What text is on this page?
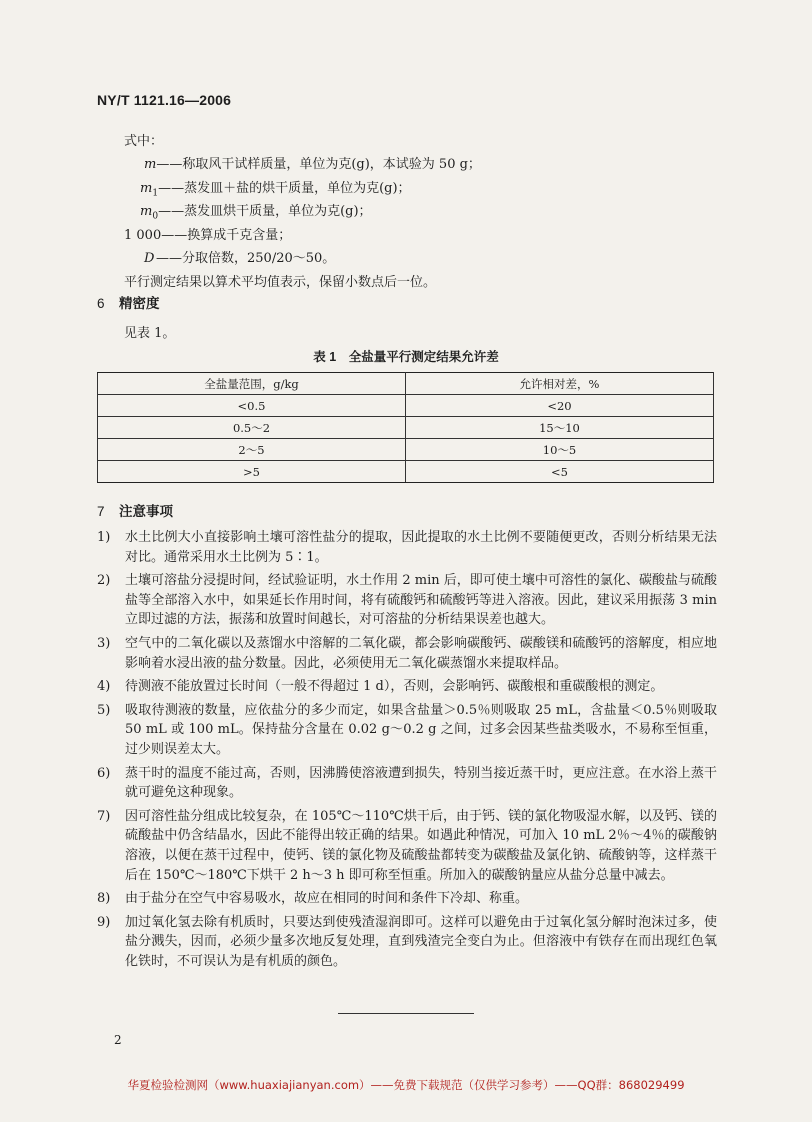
NY/T 1121.16—2006
式中：
m——称取风干试样质量，单位为克(g)，本试验为 50 g；
$m_1——$蒸发皿＋盐的烘干质量，单位为克(g)；
$m_0——$蒸发皿烘干质量，单位为克(g)；
1 000——换算成千克含量；
D ——分取倍数，250/20～50。
平行测定结果以算术平均值表示，保留小数点后一位。
6 精密度
见表 1。
表 1　全盐量平行测定结果允许差
全盐量范围，g/kg	允许相对差，%
<0.5	<20
0.5～2	15～10
2～5	10～5
>5	<5
7 注意事项
1) 水土比例大小直接影响土壤可溶性盐分的提取，因此提取的水土比例不要随便更改，否则分析结果无法对比。通常采用水土比例为 5∶1。
2) 土壤可溶盐分浸提时间，经试验证明，水土作用 2 min 后，即可使土壤中可溶性的氯化、碳酸盐与硫酸盐等全部溶入水中，如果延长作用时间，将有硫酸钙和硫酸钙等进入溶液。因此，建议采用振荡 3 min 立即过滤的方法，振荡和放置时间越长，对可溶盐的分析结果误差也越大。
3) 空气中的二氧化碳以及蒸馏水中溶解的二氧化碳，都会影响碳酸钙、碳酸镁和硫酸钙的溶解度，相应地影响着水浸出液的盐分数量。因此，必须使用无二氧化碳蒸馏水来提取样品。
4) 待测液不能放置过长时间（一般不得超过 1 d），否则，会影响钙、碳酸根和重碳酸根的测定。
5) 吸取待测液的数量，应依盐分的多少而定，如果含盐量＞0.5％则吸取 25 mL，含盐量＜0.5％则吸取 50 mL 或 100 mL。保持盐分含量在 0.02 g～0.2 g 之间，过多会因某些盐类吸水，不易称至恒重，过少则误差太大。
6) 蒸干时的温度不能过高，否则，因沸腾使溶液遭到损失，特别当接近蒸干时，更应注意。在水浴上蒸干就可避免这种现象。
7) 因可溶性盐分组成比较复杂，在 105℃～110℃烘干后，由于钙、镁的氯化物吸湿水解，以及钙、镁的硫酸盐中仍含结晶水，因此不能得出较正确的结果。如遇此种情况，可加入 10 mL 2％～4％的碳酸钠溶液，以便在蒸干过程中，使钙、镁的氯化物及硫酸盐都转变为碳酸盐及氯化钠、硫酸钠等，这样蒸干后在 150℃～180℃下烘干 2 h～3 h 即可称至恒重。所加入的碳酸钠量应从盐分总量中减去。
8) 由于盐分在空气中容易吸水，故应在相同的时间和条件下冷却、称重。
9) 加过氧化氢去除有机质时，只要达到使残渣湿润即可。这样可以避免由于过氧化氢分解时泡沫过多，使盐分溅失，因而，必须少量多次地反复处理，直到残渣完全变白为止。但溶液中有铁存在而出现红色氧化铁时，不可误认为是有机质的颜色。
2
华夏检验检测网（www.huaxiajianyan.com）——免费下载规范（仅供学习参考）——QQ群：868029499
